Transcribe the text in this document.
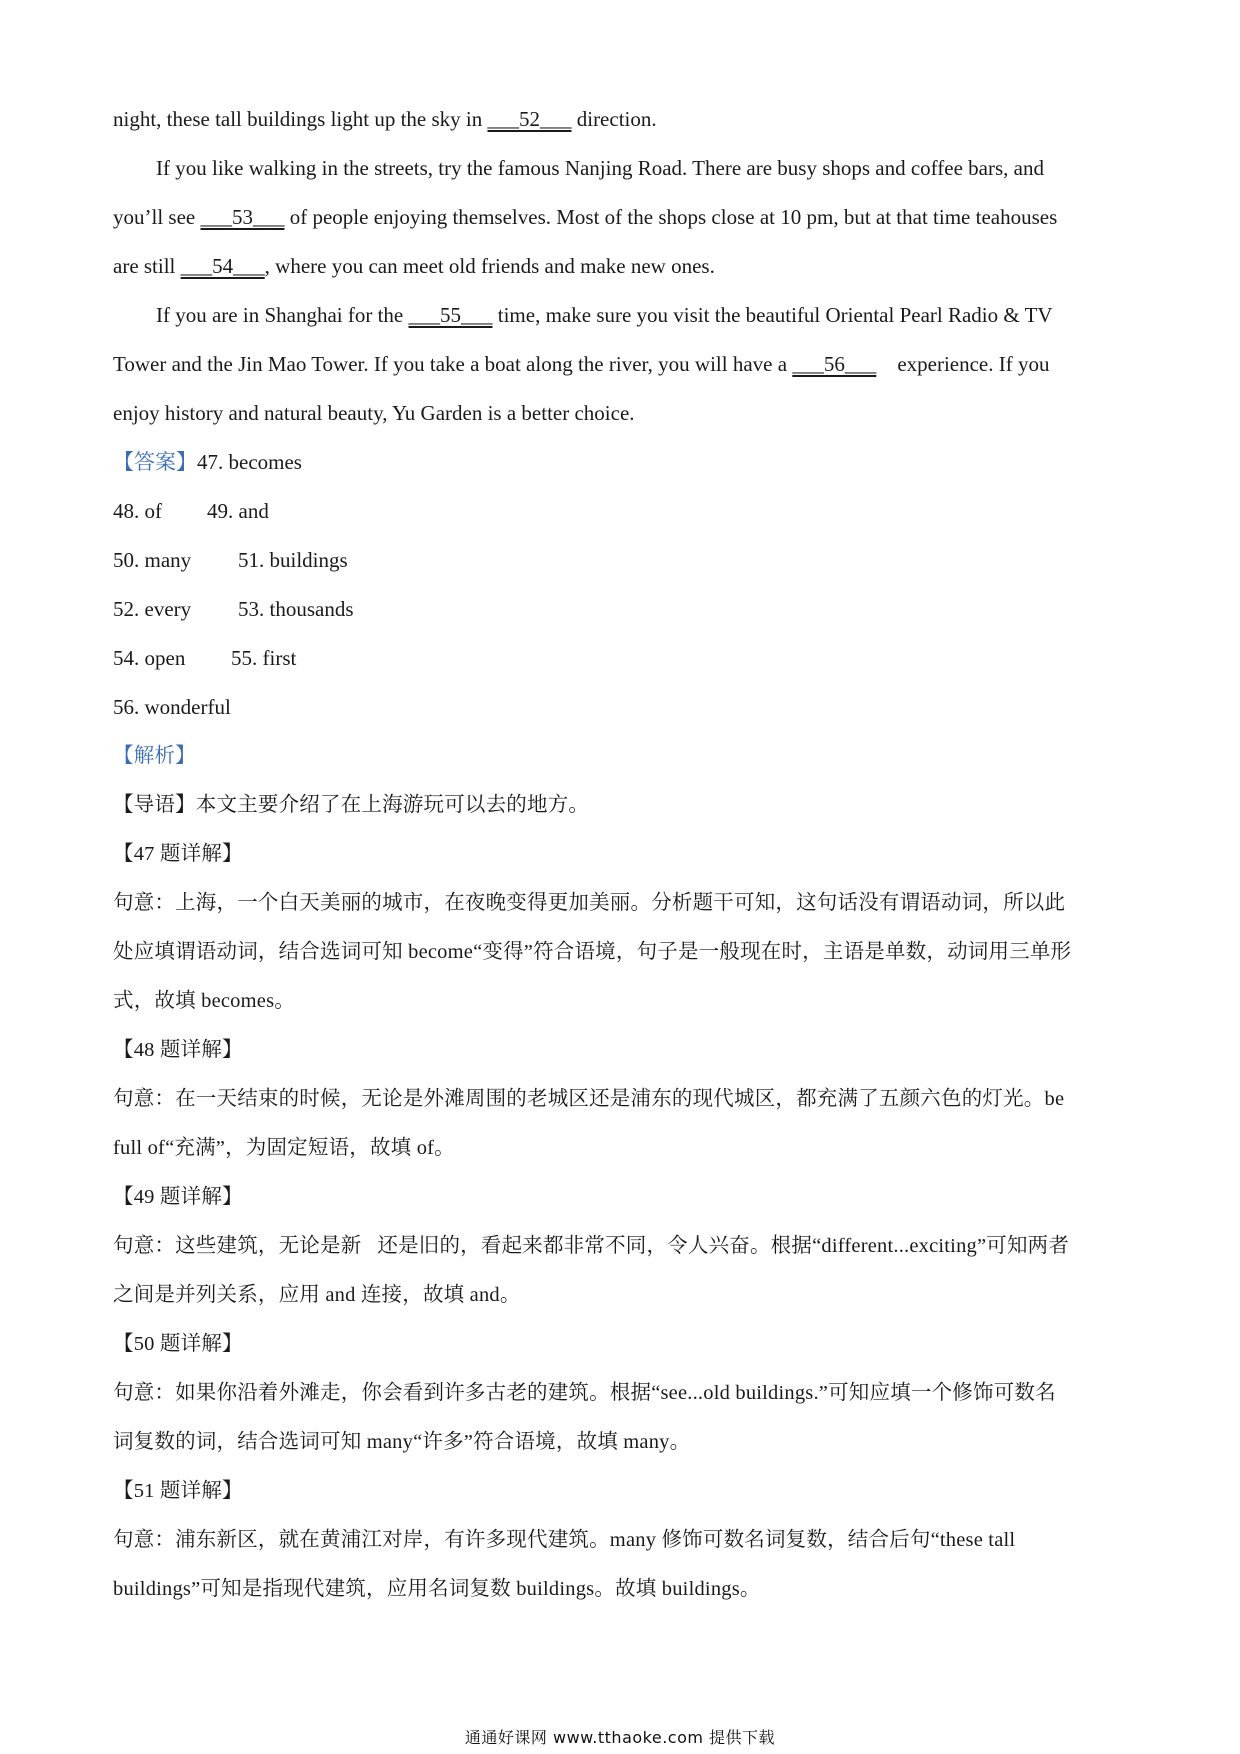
night, these tall buildings light up the sky in ___52___ direction.
If you like walking in the streets, try the famous Nanjing Road. There are busy shops and coffee bars, and
you’ll see ___53___ of people enjoying themselves. Most of the shops close at 10 pm, but at that time teahouses
are still ___54___, where you can meet old friends and make new ones.
If you are in Shanghai for the ___55___ time, make sure you visit the beautiful Oriental Pearl Radio & TV
Tower and the Jin Mao Tower. If you take a boat along the river, you will have a ___56___    experience. If you
enjoy history and natural beauty, Yu Garden is a better choice.
【答案】47. becomes
48. of 49. and
50. many 51. buildings
52. every 53. thousands
54. open 55. first
56. wonderful
【解析】
【导语】本文主要介绍了在上海游玩可以去的地方。
【47 题详解】
句意：上海，一个白天美丽的城市，在夜晚变得更加美丽。分析题干可知，这句话没有谓语动词，所以此
处应填谓语动词，结合选词可知 become“变得”符合语境，句子是一般现在时，主语是单数，动词用三单形
式，故填 becomes。
【48 题详解】
句意：在一天结束的时候，无论是外滩周围的老城区还是浦东的现代城区，都充满了五颜六色的灯光。be
full of“充满”，为固定短语，故填 of。
【49 题详解】
句意：这些建筑，无论是新   还是旧的，看起来都非常不同，令人兴奋。根据“different...exciting”可知两者
之间是并列关系，应用 and 连接，故填 and。
【50 题详解】
句意：如果你沿着外滩走，你会看到许多古老的建筑。根据“see...old buildings.”可知应填一个修饰可数名
词复数的词，结合选词可知 many“许多”符合语境，故填 many。
【51 题详解】
句意：浦东新区，就在黄浦江对岸，有许多现代建筑。many 修饰可数名词复数，结合后句“these tall
buildings”可知是指现代建筑，应用名词复数 buildings。故填 buildings。
通通好课网 www.tthaoke.com 提供下载
